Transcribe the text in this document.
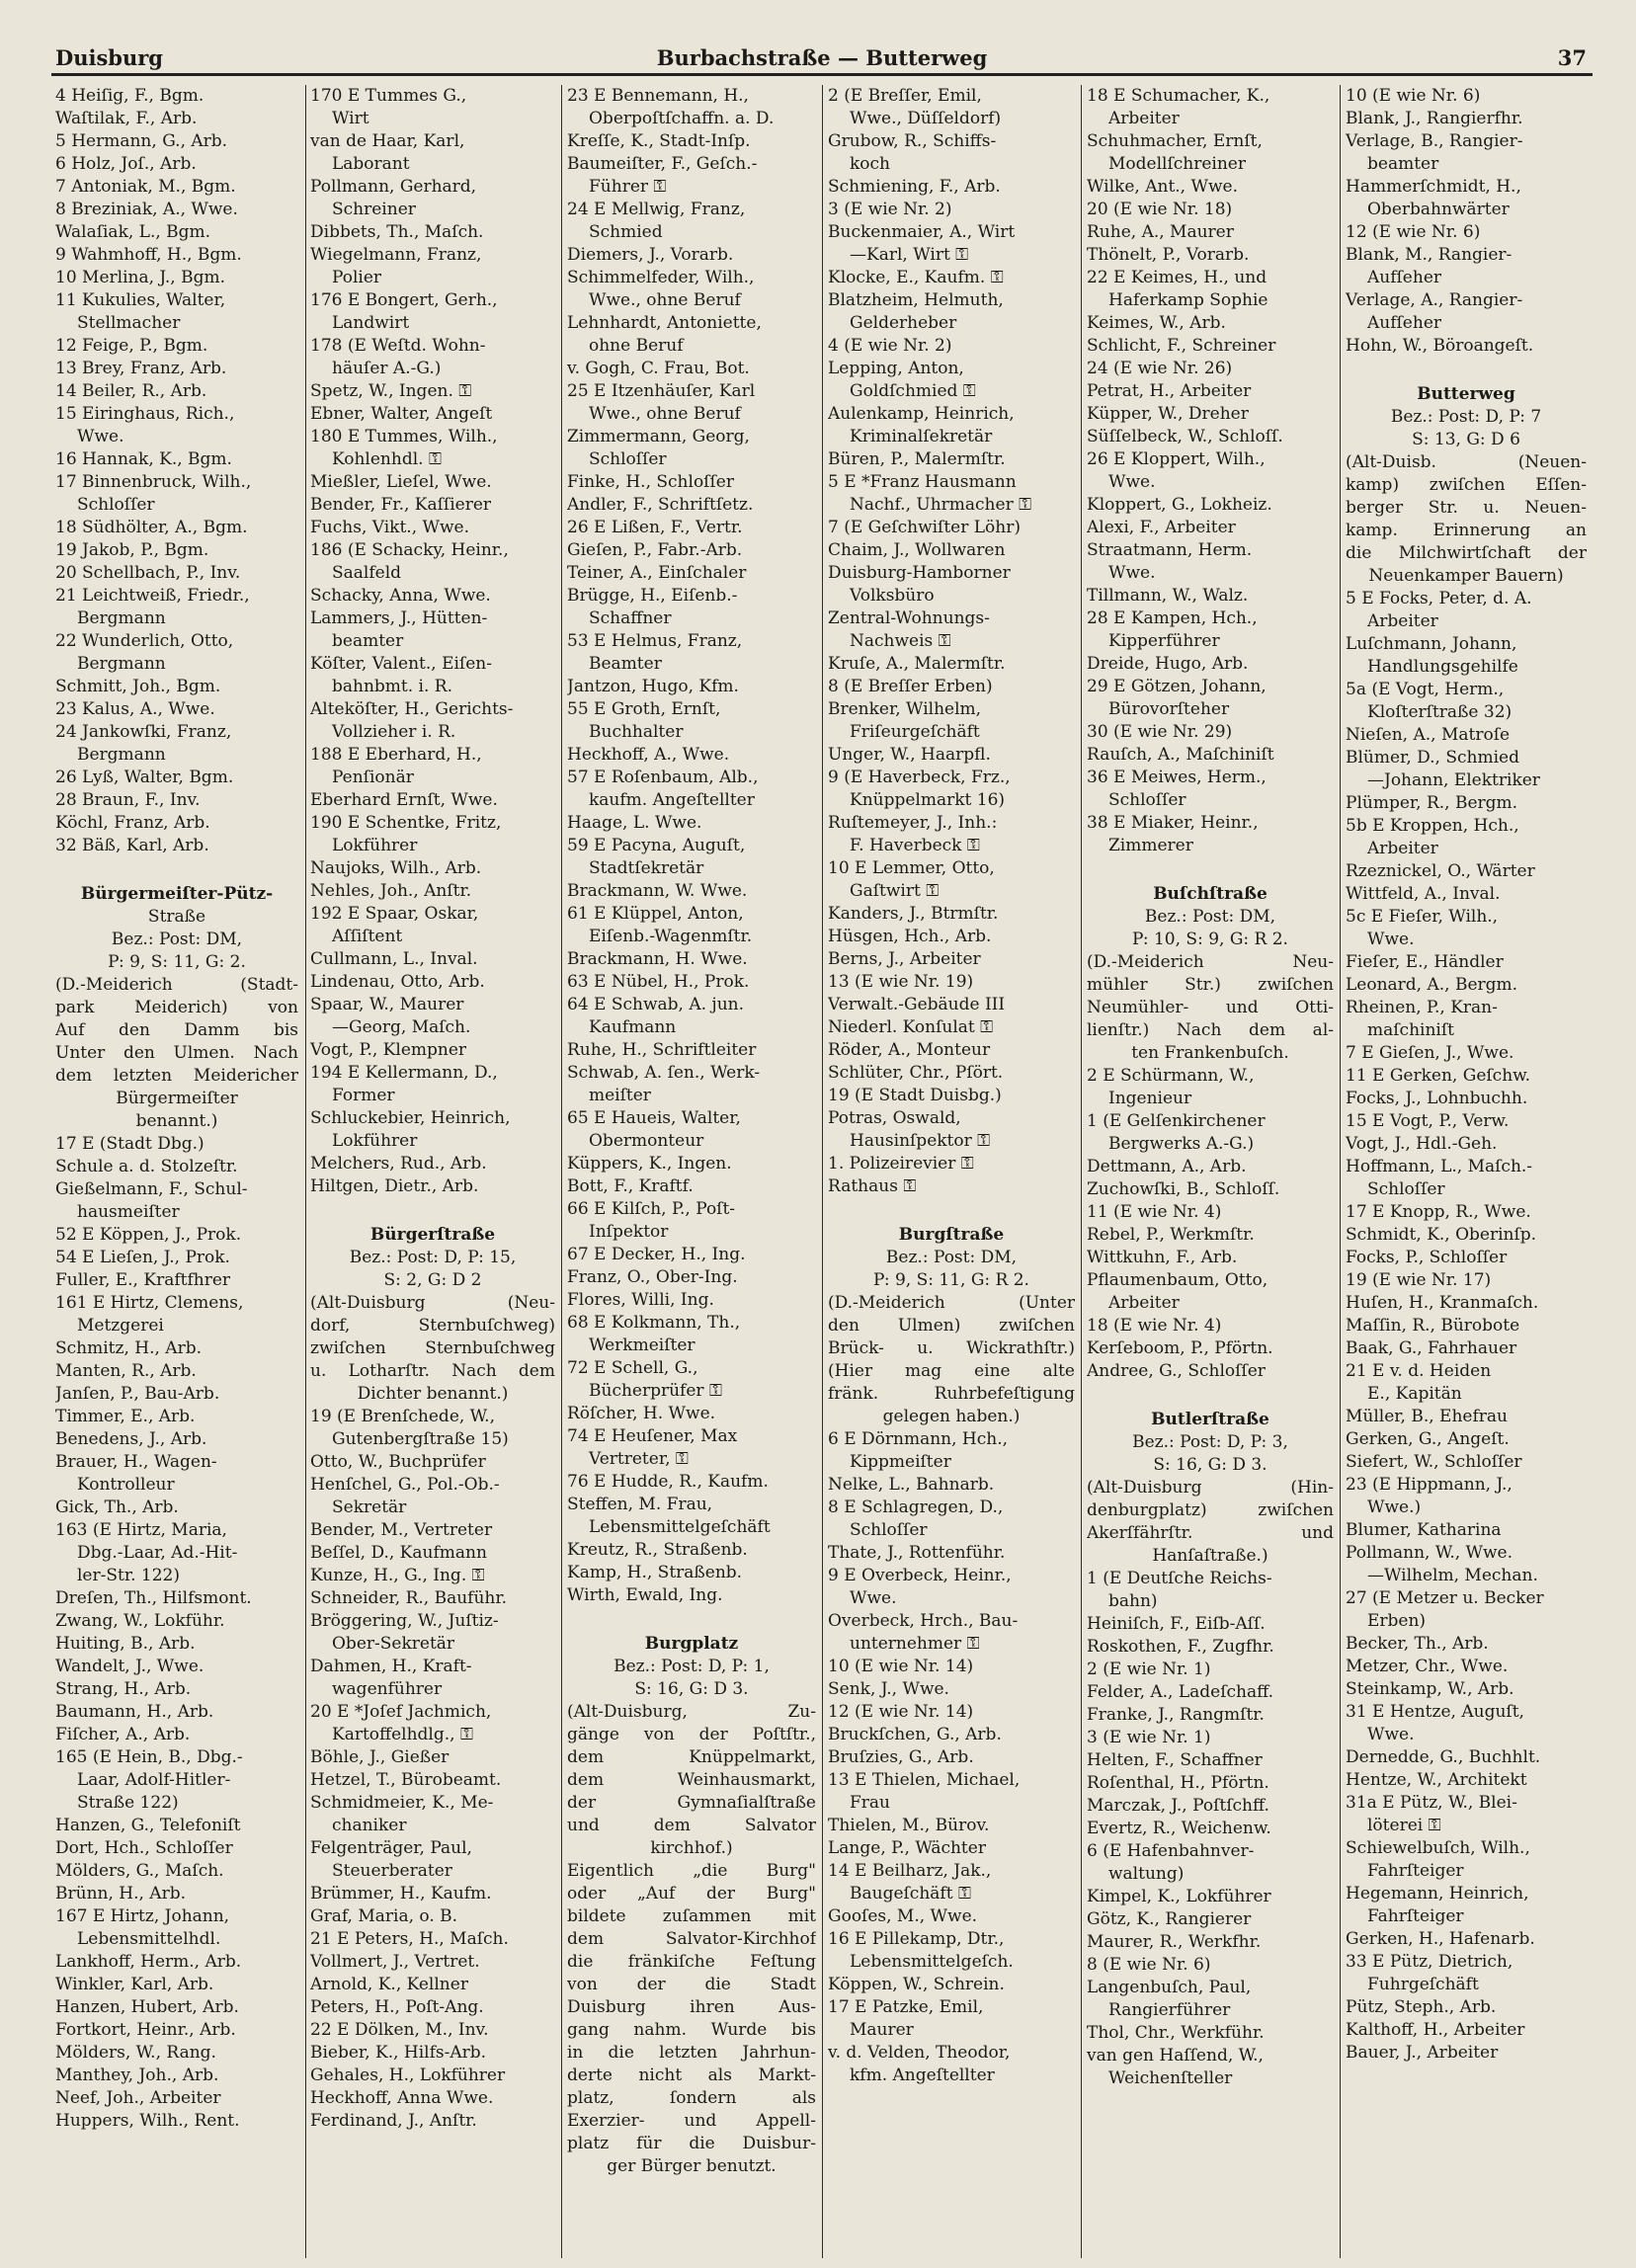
Duisburg	Burbachstraße — Butterweg	37
4 Heiſig, F., Bgm.
Waſtilak, F., Arb.
5 Hermann, G., Arb.
6 Holz, Joſ., Arb.
7 Antoniak, M., Bgm.
8 Breziniak, A., Wwe.
Walaſiak, L., Bgm.
9 Wahmhoff, H., Bgm.
10 Merlina, J., Bgm.
11 Kukulies, Walter,
Stellmacher
12 Feige, P., Bgm.
13 Brey, Franz, Arb.
14 Beiler, R., Arb.
15 Eiringhaus, Rich.,
Wwe.
16 Hannak, K., Bgm.
17 Binnenbruck, Wilh.,
Schloſſer
18 Südhölter, A., Bgm.
19 Jakob, P., Bgm.
20 Schellbach, P., Inv.
21 Leichtweiß, Friedr.,
Bergmann
22 Wunderlich, Otto,
Bergmann
Schmitt, Joh., Bgm.
23 Kalus, A., Wwe.
24 Jankowſki, Franz,
Bergmann
26 Lyß, Walter, Bgm.
28 Braun, F., Inv.
Köchl, Franz, Arb.
32 Bäß, Karl, Arb.
Bürgermeiſter-Pütz-
Straße
Bez.: Post: DM,
P: 9, S: 11, G: 2.
(D.-Meiderich (Stadt-
park Meiderich) von
Auf den Damm bis
Unter den Ulmen. Nach
dem letzten Meidericher
Bürgermeiſter
benannt.)
17 E (Stadt Dbg.)
Schule a. d. Stolzeſtr.
Gießelmann, F., Schul-
hausmeiſter
52 E Köppen, J., Prok.
54 E Lieſen, J., Prok.
Fuller, E., Kraftfhrer
161 E Hirtz, Clemens,
Metzgerei
Schmitz, H., Arb.
Manten, R., Arb.
Janſen, P., Bau-Arb.
Timmer, E., Arb.
Benedens, J., Arb.
Brauer, H., Wagen-
Kontrolleur
Gick, Th., Arb.
163 (E Hirtz, Maria,
Dbg.-Laar, Ad.-Hit-
ler-Str. 122)
Dreſen, Th., Hilfsmont.
Zwang, W., Lokführ.
Huiting, B., Arb.
Wandelt, J., Wwe.
Strang, H., Arb.
Baumann, H., Arb.
Fiſcher, A., Arb.
165 (E Hein, B., Dbg.-
Laar, Adolf-Hitler-
Straße 122)
Hanzen, G., Telefoniſt
Dort, Hch., Schloſſer
Mölders, G., Maſch.
Brünn, H., Arb.
167 E Hirtz, Johann,
Lebensmittelhdl.
Lankhoff, Herm., Arb.
Winkler, Karl, Arb.
Hanzen, Hubert, Arb.
Fortkort, Heinr., Arb.
Mölders, W., Rang.
Manthey, Joh., Arb.
Neef, Joh., Arbeiter
Huppers, Wilh., Rent.
170 E Tummes G.,
Wirt
van de Haar, Karl,
Laborant
Pollmann, Gerhard,
Schreiner
Dibbets, Th., Maſch.
Wiegelmann, Franz,
Polier
176 E Bongert, Gerh.,
Landwirt
178 (E Weſtd. Wohn-
häuſer A.-G.)
Spetz, W., Ingen. ⚿
Ebner, Walter, Angeſt
180 E Tummes, Wilh.,
Kohlenhdl. ⚿
Mießler, Lieſel, Wwe.
Bender, Fr., Kaſſierer
Fuchs, Vikt., Wwe.
186 (E Schacky, Heinr.,
Saalfeld
Schacky, Anna, Wwe.
Lammers, J., Hütten-
beamter
Köſter, Valent., Eiſen-
bahnbmt. i. R.
Alteköſter, H., Gerichts-
Vollzieher i. R.
188 E Eberhard, H.,
Penſionär
Eberhard Ernſt, Wwe.
190 E Schentke, Fritz,
Lokführer
Naujoks, Wilh., Arb.
Nehles, Joh., Anſtr.
192 E Spaar, Oskar,
Aſſiſtent
Cullmann, L., Inval.
Lindenau, Otto, Arb.
Spaar, W., Maurer
—Georg, Maſch.
Vogt, P., Klempner
194 E Kellermann, D.,
Former
Schluckebier, Heinrich,
Lokführer
Melchers, Rud., Arb.
Hiltgen, Dietr., Arb.
Bürgerſtraße
Bez.: Post: D, P: 15,
S: 2, G: D 2
(Alt-Duisburg (Neu-
dorf, Sternbuſchweg)
zwiſchen Sternbuſchweg
u. Lotharſtr. Nach dem
Dichter benannt.)
19 (E Brenſchede, W.,
Gutenbergſtraße 15)
Otto, W., Buchprüfer
Henſchel, G., Pol.-Ob.-
Sekretär
Bender, M., Vertreter
Beſſel, D., Kaufmann
Kunze, H., G., Ing. ⚿
Schneider, R., Bauführ.
Bröggering, W., Juſtiz-
Ober-Sekretär
Dahmen, H., Kraft-
wagenführer
20 E *Joſef Jachmich,
Kartoffelhdlg., ⚿
Böhle, J., Gießer
Hetzel, T., Bürobeamt.
Schmidmeier, K., Me-
chaniker
Felgenträger, Paul,
Steuerberater
Brümmer, H., Kaufm.
Graf, Maria, o. B.
21 E Peters, H., Maſch.
Vollmert, J., Vertret.
Arnold, K., Kellner
Peters, H., Poſt-Ang.
22 E Dölken, M., Inv.
Bieber, K., Hilfs-Arb.
Gehales, H., Lokführer
Heckhoff, Anna Wwe.
Ferdinand, J., Anſtr.
23 E Bennemann, H.,
Oberpoſtſchaffn. a. D.
Kreſſe, K., Stadt-Inſp.
Baumeiſter, F., Geſch.-
Führer ⚿
24 E Mellwig, Franz,
Schmied
Diemers, J., Vorarb.
Schimmelfeder, Wilh.,
Wwe., ohne Beruf
Lehnhardt, Antoniette,
ohne Beruf
v. Gogh, C. Frau, Bot.
25 E Itzenhäuſer, Karl
Wwe., ohne Beruf
Zimmermann, Georg,
Schloſſer
Finke, H., Schloſſer
Andler, F., Schriftſetz.
26 E Lißen, F., Vertr.
Gieſen, P., Fabr.-Arb.
Teiner, A., Einſchaler
Brügge, H., Eiſenb.-
Schaffner
53 E Helmus, Franz,
Beamter
Jantzon, Hugo, Kfm.
55 E Groth, Ernſt,
Buchhalter
Heckhoff, A., Wwe.
57 E Roſenbaum, Alb.,
kaufm. Angeſtellter
Haage, L. Wwe.
59 E Pacyna, Auguſt,
Stadtſekretär
Brackmann, W. Wwe.
61 E Klüppel, Anton,
Eiſenb.-Wagenmſtr.
Brackmann, H. Wwe.
63 E Nübel, H., Prok.
64 E Schwab, A. jun.
Kaufmann
Ruhe, H., Schriftleiter
Schwab, A. ſen., Werk-
meiſter
65 E Haueis, Walter,
Obermonteur
Küppers, K., Ingen.
Bott, F., Kraftf.
66 E Kilſch, P., Poſt-
Inſpektor
67 E Decker, H., Ing.
Franz, O., Ober-Ing.
Flores, Willi, Ing.
68 E Kolkmann, Th.,
Werkmeiſter
72 E Schell, G.,
Bücherprüfer ⚿
Röſcher, H. Wwe.
74 E Heuſener, Max
Vertreter, ⚿
76 E Hudde, R., Kaufm.
Steffen, M. Frau,
Lebensmittelgeſchäft
Kreutz, R., Straßenb.
Kamp, H., Straßenb.
Wirth, Ewald, Ing.
Burgplatz
Bez.: Post: D, P: 1,
S: 16, G: D 3.
(Alt-Duisburg, Zu-
gänge von der Poſtſtr.,
dem Knüppelmarkt,
dem Weinhausmarkt,
der Gymnaſialſtraße
und dem Salvator
kirchhof.)
Eigentlich „die Burg"
oder „Auf der Burg"
bildete zuſammen mit
dem Salvator-Kirchhof
die fränkiſche Feſtung
von der die Stadt
Duisburg ihren Aus-
gang nahm. Wurde bis
in die letzten Jahrhun-
derte nicht als Markt-
platz, ſondern als
Exerzier- und Appell-
platz für die Duisbur-
ger Bürger benutzt.
2 (E Breſſer, Emil,
Wwe., Düſſeldorf)
Grubow, R., Schiffs-
koch
Schmiening, F., Arb.
3 (E wie Nr. 2)
Buckenmaier, A., Wirt
—Karl, Wirt ⚿
Klocke, E., Kaufm. ⚿
Blatzheim, Helmuth,
Gelderheber
4 (E wie Nr. 2)
Lepping, Anton,
Goldſchmied ⚿
Aulenkamp, Heinrich,
Kriminalſekretär
Büren, P., Malermſtr.
5 E *Franz Hausmann
Nachf., Uhrmacher ⚿
7 (E Geſchwiſter Löhr)
Chaim, J., Wollwaren
Duisburg-Hamborner
Volksbüro
Zentral-Wohnungs-
Nachweis ⚿
Kruſe, A., Malermſtr.
8 (E Breſſer Erben)
Brenker, Wilhelm,
Friſeurgeſchäft
Unger, W., Haarpfl.
9 (E Haverbeck, Frz.,
Knüppelmarkt 16)
Ruſtemeyer, J., Inh.:
F. Haverbeck ⚿
10 E Lemmer, Otto,
Gaſtwirt ⚿
Kanders, J., Btrmſtr.
Hüsgen, Hch., Arb.
Berns, J., Arbeiter
13 (E wie Nr. 19)
Verwalt.-Gebäude III
Niederl. Konſulat ⚿
Röder, A., Monteur
Schlüter, Chr., Pſört.
19 (E Stadt Duisbg.)
Potras, Oswald,
Hausinſpektor ⚿
1. Polizeirevier ⚿
Rathaus ⚿
Burgſtraße
Bez.: Post: DM,
P: 9, S: 11, G: R 2.
(D.-Meiderich (Unter
den Ulmen) zwiſchen
Brück- u. Wickrathſtr.)
(Hier mag eine alte
fränk. Ruhrbefeſtigung
gelegen haben.)
6 E Dörnmann, Hch.,
Kippmeiſter
Nelke, L., Bahnarb.
8 E Schlagregen, D.,
Schloſſer
Thate, J., Rottenführ.
9 E Overbeck, Heinr.,
Wwe.
Overbeck, Hrch., Bau-
unternehmer ⚿
10 (E wie Nr. 14)
Senk, J., Wwe.
12 (E wie Nr. 14)
Bruckſchen, G., Arb.
Bruſzies, G., Arb.
13 E Thielen, Michael,
Frau
Thielen, M., Bürov.
Lange, P., Wächter
14 E Beilharz, Jak.,
Baugeſchäft ⚿
Gooſes, M., Wwe.
16 E Pillekamp, Dtr.,
Lebensmittelgeſch.
Köppen, W., Schrein.
17 E Patzke, Emil,
Maurer
v. d. Velden, Theodor,
kfm. Angeſtellter
18 E Schumacher, K.,
Arbeiter
Schuhmacher, Ernſt,
Modellſchreiner
Wilke, Ant., Wwe.
20 (E wie Nr. 18)
Ruhe, A., Maurer
Thönelt, P., Vorarb.
22 E Keimes, H., und
Haferkamp Sophie
Keimes, W., Arb.
Schlicht, F., Schreiner
24 (E wie Nr. 26)
Petrat, H., Arbeiter
Küpper, W., Dreher
Süſſelbeck, W., Schloſſ.
26 E Kloppert, Wilh.,
Wwe.
Kloppert, G., Lokheiz.
Alexi, F., Arbeiter
Straatmann, Herm.
Wwe.
Tillmann, W., Walz.
28 E Kampen, Hch.,
Kipperführer
Dreide, Hugo, Arb.
29 E Götzen, Johann,
Bürovorſteher
30 (E wie Nr. 29)
Rauſch, A., Maſchiniſt
36 E Meiwes, Herm.,
Schloſſer
38 E Miaker, Heinr.,
Zimmerer
Buſchſtraße
Bez.: Post: DM,
P: 10, S: 9, G: R 2.
(D.-Meiderich Neu-
mühler Str.) zwiſchen
Neumühler- und Otti-
lienſtr.) Nach dem al-
ten Frankenbuſch.
2 E Schürmann, W.,
Ingenieur
1 (E Gelſenkirchener
Bergwerks A.-G.)
Dettmann, A., Arb.
Zuchowſki, B., Schloſſ.
11 (E wie Nr. 4)
Rebel, P., Werkmſtr.
Wittkuhn, F., Arb.
Pflaumenbaum, Otto,
Arbeiter
18 (E wie Nr. 4)
Kerſeboom, P., Pförtn.
Andree, G., Schloſſer
Butlerſtraße
Bez.: Post: D, P: 3,
S: 16, G: D 3.
(Alt-Duisburg (Hin-
denburgplatz) zwiſchen
Akerſfährſtr. und
Hanſaſtraße.)
1 (E Deutſche Reichs-
bahn)
Heiniſch, F., Eiſb-Aſſ.
Roskothen, F., Zugfhr.
2 (E wie Nr. 1)
Felder, A., Ladeſchaff.
Franke, J., Rangmſtr.
3 (E wie Nr. 1)
Helten, F., Schaffner
Roſenthal, H., Pförtn.
Marczak, J., Poſtſchff.
Evertz, R., Weichenw.
6 (E Hafenbahnver-
waltung)
Kimpel, K., Lokführer
Götz, K., Rangierer
Maurer, R., Werkfhr.
8 (E wie Nr. 6)
Langenbuſch, Paul,
Rangierführer
Thol, Chr., Werkführ.
van gen Haſſend, W.,
Weichenſteller
10 (E wie Nr. 6)
Blank, J., Rangierfhr.
Verlage, B., Rangier-
beamter
Hammerſchmidt, H.,
Oberbahnwärter
12 (E wie Nr. 6)
Blank, M., Rangier-
Aufſeher
Verlage, A., Rangier-
Aufſeher
Hohn, W., Böroangeſt.
Butterweg
Bez.: Post: D, P: 7
S: 13, G: D 6
(Alt-Duisb. (Neuen-
kamp) zwiſchen Eſſen-
berger Str. u. Neuen-
kamp. Erinnerung an
die Milchwirtſchaft der
Neuenkamper Bauern)
5 E Focks, Peter, d. A.
Arbeiter
Luſchmann, Johann,
Handlungsgehilfe
5a (E Vogt, Herm.,
Kloſterſtraße 32)
Nieſen, A., Matroſe
Blümer, D., Schmied
—Johann, Elektriker
Plümper, R., Bergm.
5b E Kroppen, Hch.,
Arbeiter
Rzeznickel, O., Wärter
Wittfeld, A., Inval.
5c E Fieſer, Wilh.,
Wwe.
Fieſer, E., Händler
Leonard, A., Bergm.
Rheinen, P., Kran-
maſchiniſt
7 E Gieſen, J., Wwe.
11 E Gerken, Geſchw.
Focks, J., Lohnbuchh.
15 E Vogt, P., Verw.
Vogt, J., Hdl.-Geh.
Hoffmann, L., Maſch.-
Schloſſer
17 E Knopp, R., Wwe.
Schmidt, K., Oberinſp.
Focks, P., Schloſſer
19 (E wie Nr. 17)
Huſen, H., Kranmaſch.
Maſſin, R., Bürobote
Baak, G., Fahrhauer
21 E v. d. Heiden
E., Kapitän
Müller, B., Ehefrau
Gerken, G., Angeſt.
Siefert, W., Schloſſer
23 (E Hippmann, J.,
Wwe.)
Blumer, Katharina
Pollmann, W., Wwe.
—Wilhelm, Mechan.
27 (E Metzer u. Becker
Erben)
Becker, Th., Arb.
Metzer, Chr., Wwe.
Steinkamp, W., Arb.
31 E Hentze, Auguſt,
Wwe.
Dernedde, G., Buchhlt.
Hentze, W., Architekt
31a E Pütz, W., Blei-
löterei ⚿
Schiewelbuſch, Wilh.,
Fahrſteiger
Hegemann, Heinrich,
Fahrſteiger
Gerken, H., Hafenarb.
33 E Pütz, Dietrich,
Fuhrgeſchäft
Pütz, Steph., Arb.
Kalthoff, H., Arbeiter
Bauer, J., Arbeiter
